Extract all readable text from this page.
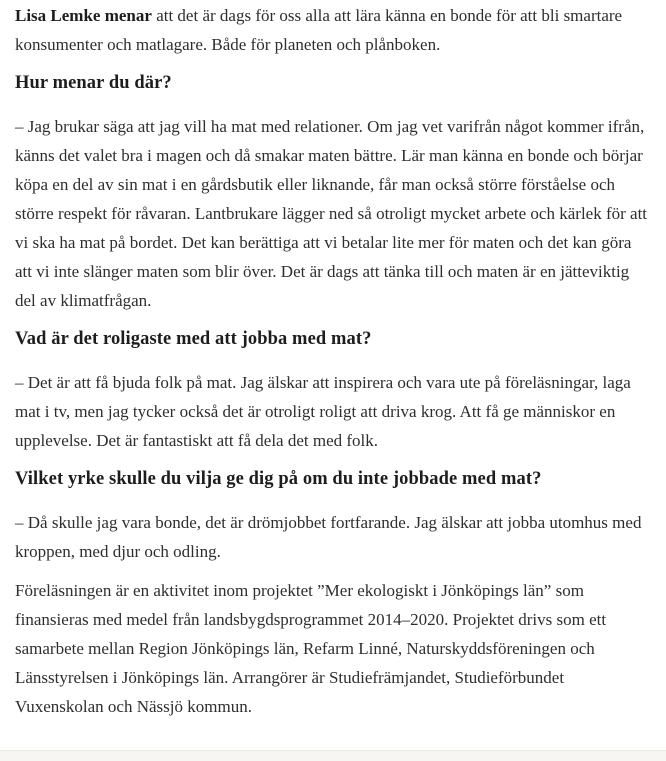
Lisa Lemke menar att det är dags för oss alla att lära känna en bonde för att bli smartare konsumenter och matlagare. Både för planeten och plånboken.

Hur menar du där?

– Jag brukar säga att jag vill ha mat med relationer. Om jag vet varifrån något kommer ifrån, känns det valet bra i magen och då smakar maten bättre. Lär man känna en bonde och börjar köpa en del av sin mat i en gårdsbutik eller liknande, får man också större förståelse och större respekt för råvaran. Lantbrukare lägger ned så otroligt mycket arbete och kärlek för att vi ska ha mat på bordet. Det kan berättiga att vi betalar lite mer för maten och det kan göra att vi inte slänger maten som blir över. Det är dags att tänka till och maten är en jätteviktig del av klimatfrågan.

Vad är det roligaste med att jobba med mat?

– Det är att få bjuda folk på mat. Jag älskar att inspirera och vara ute på föreläsningar, laga mat i tv, men jag tycker också det är otroligt roligt att driva krog. Att få ge människor en upplevelse. Det är fantastiskt att få dela det med folk.

Vilket yrke skulle du vilja ge dig på om du inte jobbade med mat?

– Då skulle jag vara bonde, det är drömjobbet fortfarande. Jag älskar att jobba utomhus med kroppen, med djur och odling.

Föreläsningen är en aktivitet inom projektet ”Mer ekologiskt i Jönköpings län” som finansieras med medel från landsbygdsprogrammet 2014–2020. Projektet drivs som ett samarbete mellan Region Jönköpings län, Refarm Linné, Naturskyddsföreningen och Länsstyrelsen i Jönköpings län. Arrangörer är Studiefrämjandet, Studieförbundet Vuxenskolan och Nässjö kommun.
